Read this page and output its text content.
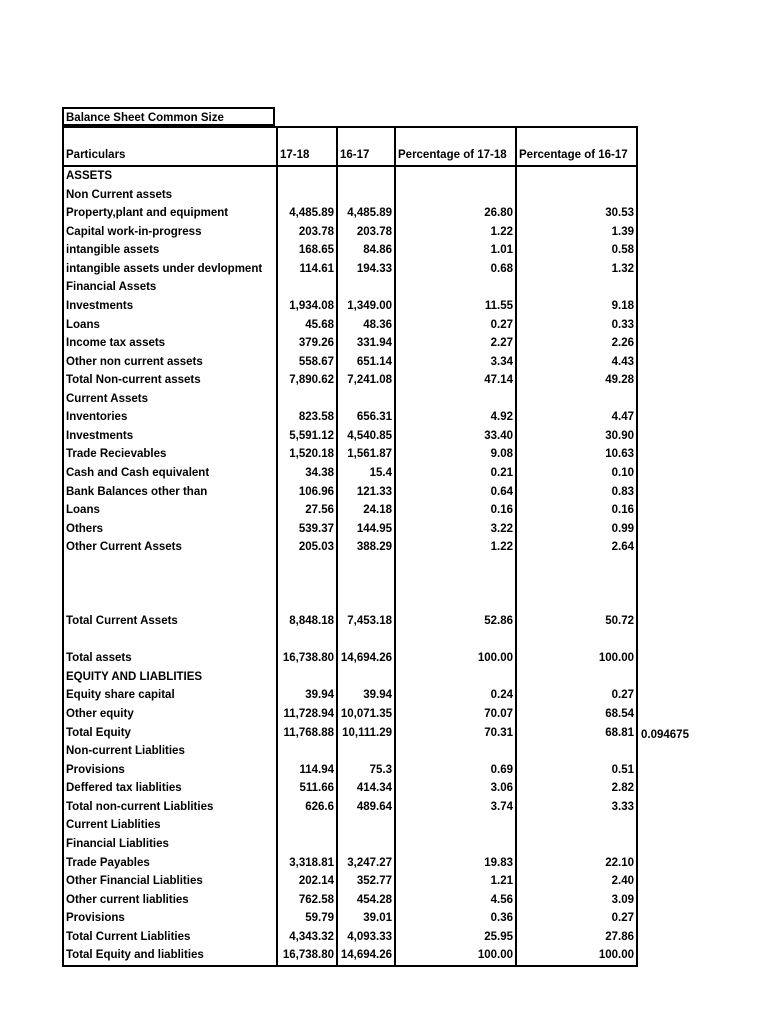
Balance Sheet Common Size
Particulars	17-18	16-17	Percentage of 17-18	Percentage of 16-17
ASSETS				
Non Current assets				
Property,plant and equipment	4,485.89	4,485.89	26.80	30.53
Capital work-in-progress	203.78	203.78	1.22	1.39
intangible assets	168.65	84.86	1.01	0.58
intangible assets under devlopment	114.61	194.33	0.68	1.32
Financial Assets				
Investments	1,934.08	1,349.00	11.55	9.18
Loans	45.68	48.36	0.27	0.33
Income tax assets	379.26	331.94	2.27	2.26
Other non current assets	558.67	651.14	3.34	4.43
Total Non-current assets	7,890.62	7,241.08	47.14	49.28
Current Assets				
Inventories	823.58	656.31	4.92	4.47
Investments	5,591.12	4,540.85	33.40	30.90
Trade Recievables	1,520.18	1,561.87	9.08	10.63
Cash and Cash equivalent	34.38	15.4	0.21	0.10
Bank Balances other than	106.96	121.33	0.64	0.83
Loans	27.56	24.18	0.16	0.16
Others	539.37	144.95	3.22	0.99
Other Current Assets	205.03	388.29	1.22	2.64
Total Current Assets	8,848.18	7,453.18	52.86	50.72

Total assets	16,738.80	14,694.26	100.00	100.00
EQUITY AND LIABLITIES				
Equity share capital	39.94	39.94	0.24	0.27
Other equity	11,728.94	10,071.35	70.07	68.54
Total Equity	11,768.88	10,111.29	70.31	68.81
Non-current Liablities				
Provisions	114.94	75.3	0.69	0.51
Deffered tax liablities	511.66	414.34	3.06	2.82
Total non-current Liablities	626.6	489.64	3.74	3.33
Current Liablities				
Financial Liablities				
Trade Payables	3,318.81	3,247.27	19.83	22.10
Other Financial Liablities	202.14	352.77	1.21	2.40
Other current liablities	762.58	454.28	4.56	3.09
Provisions	59.79	39.01	0.36	0.27
Total Current Liablities	4,343.32	4,093.33	25.95	27.86
Total Equity and liablities	16,738.80	14,694.26	100.00	100.00
0.094675
